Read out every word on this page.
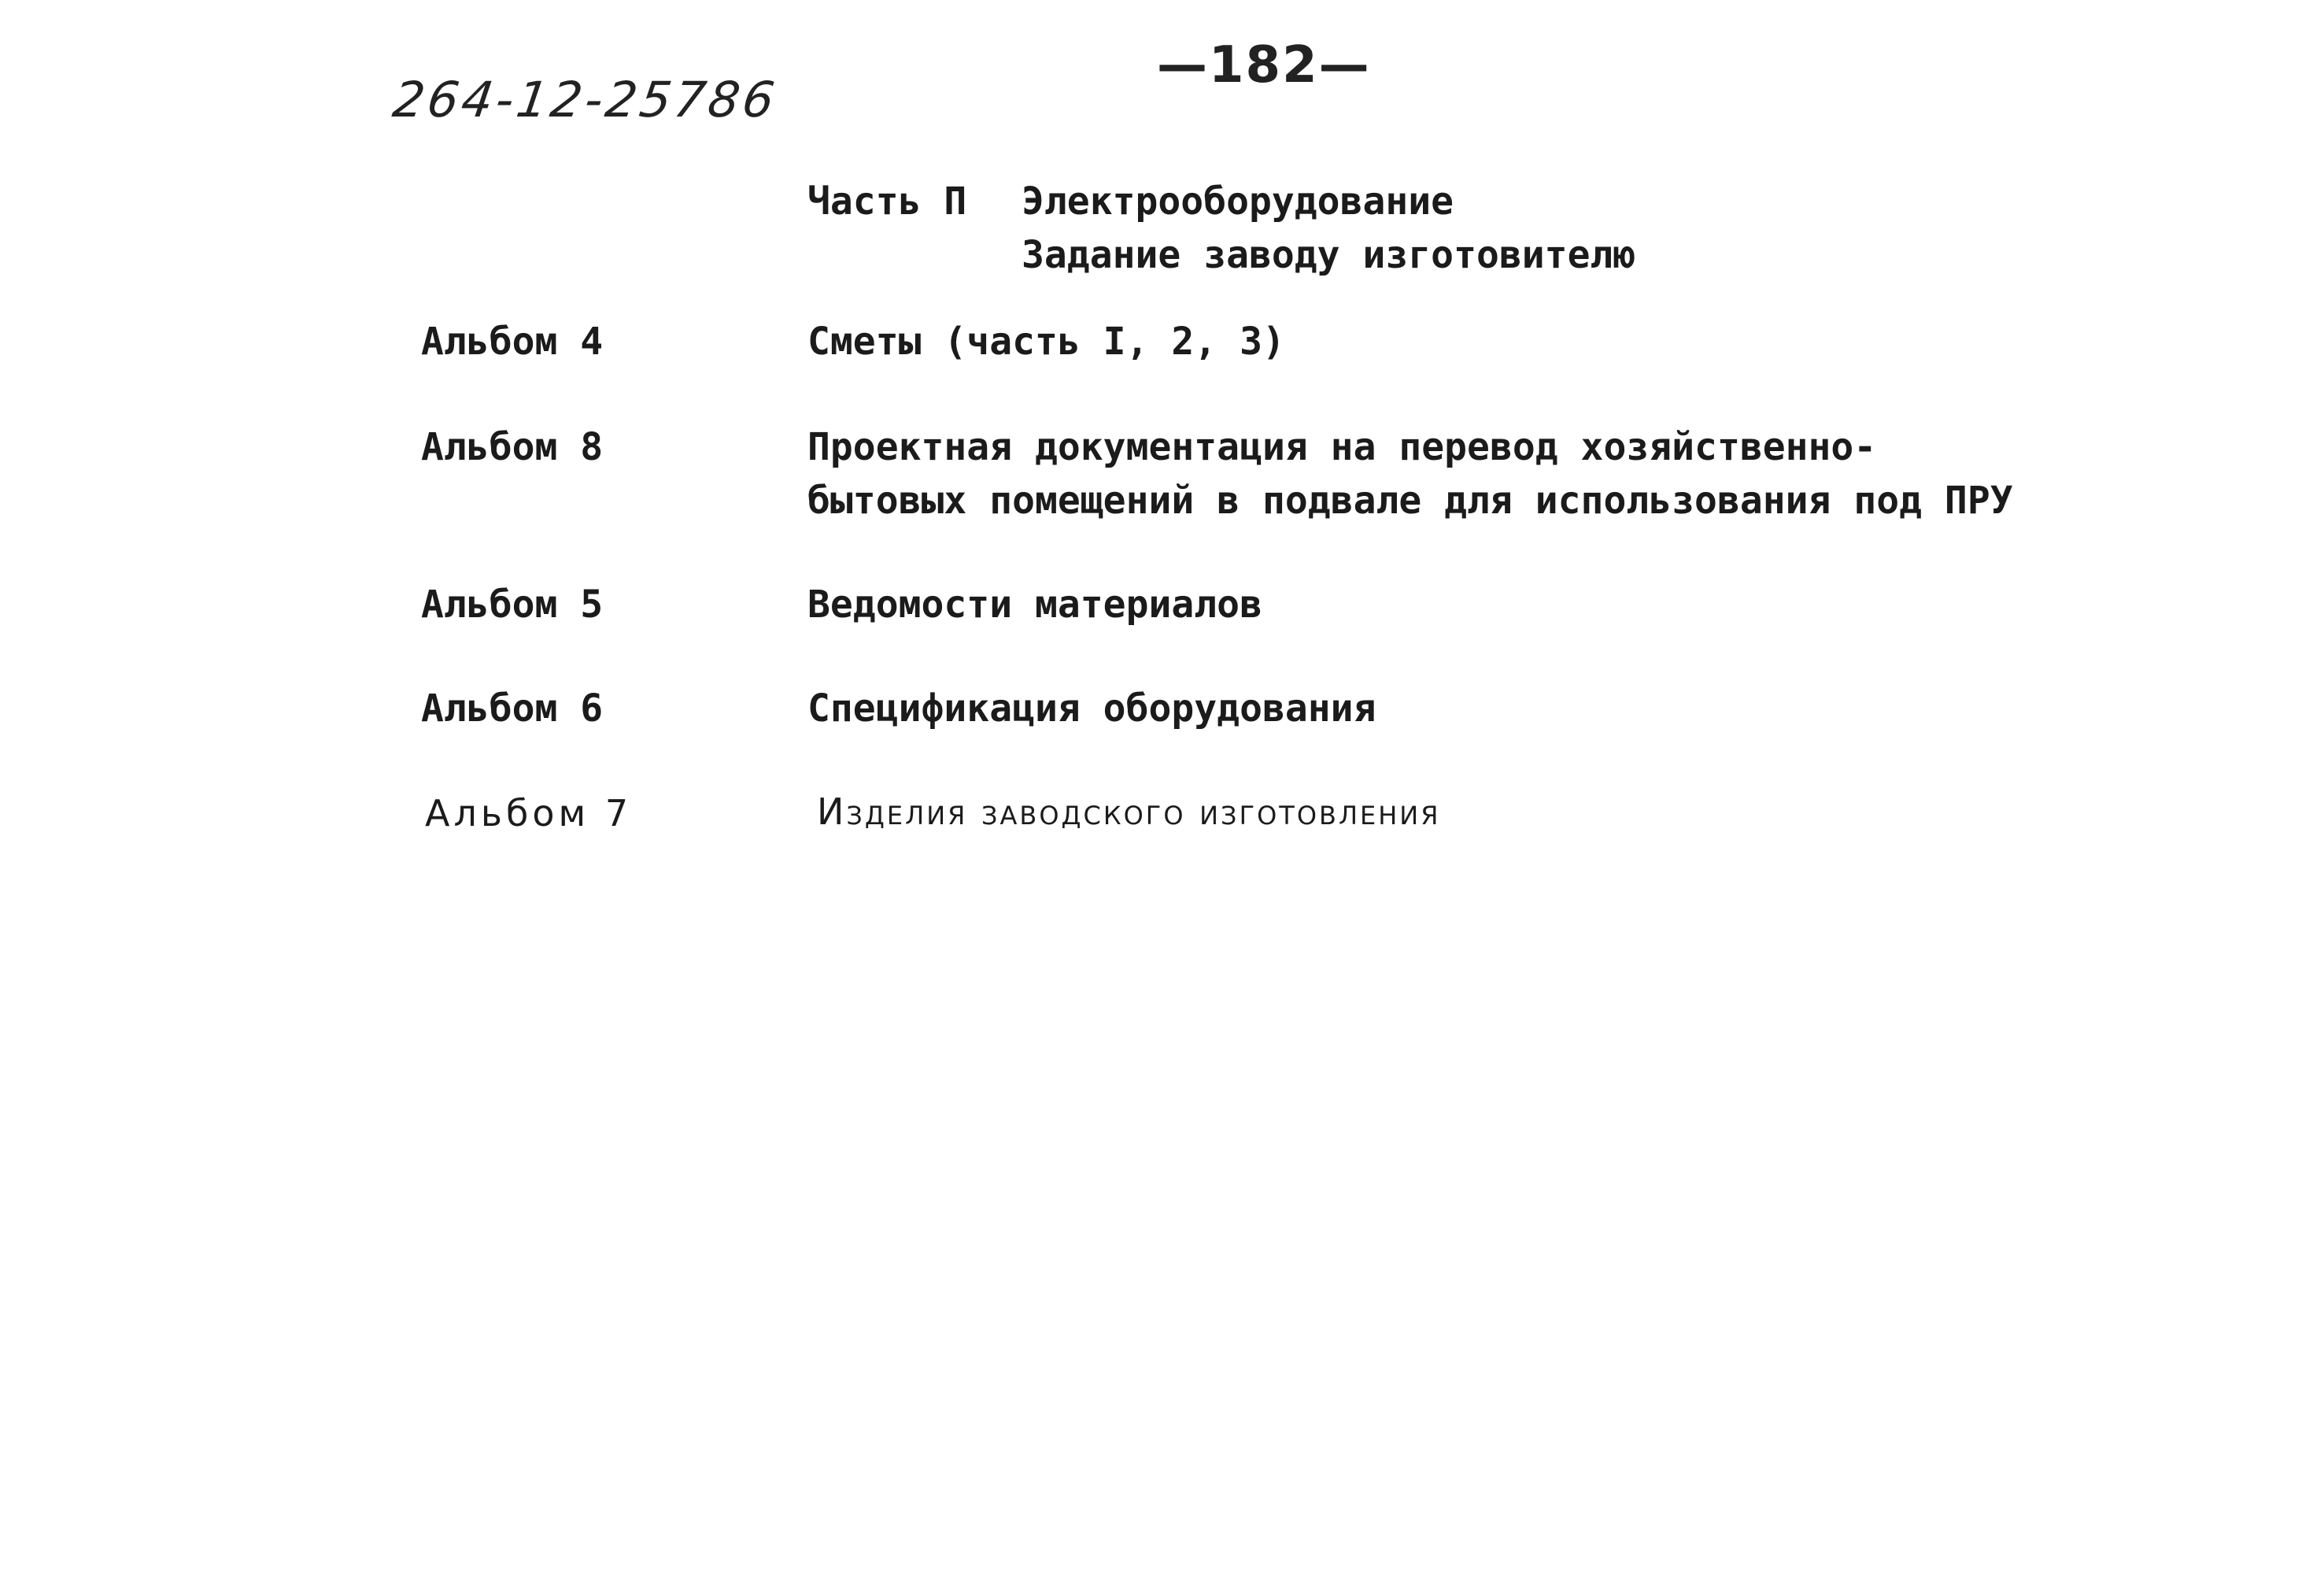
264-12-25786
—182—
Часть П Электрооборудование
Задание заводу изготовителю
Альбом 4	Сметы (часть I, 2, 3)
Альбом 8	Проектная документация на перевод хозяйственно-
бытовых помещений в подвале для использования под ПРУ
Альбом 5	Ведомости материалов
Альбом 6	Спецификация оборудования
Альбом 7	Изделия заводского изготовления
